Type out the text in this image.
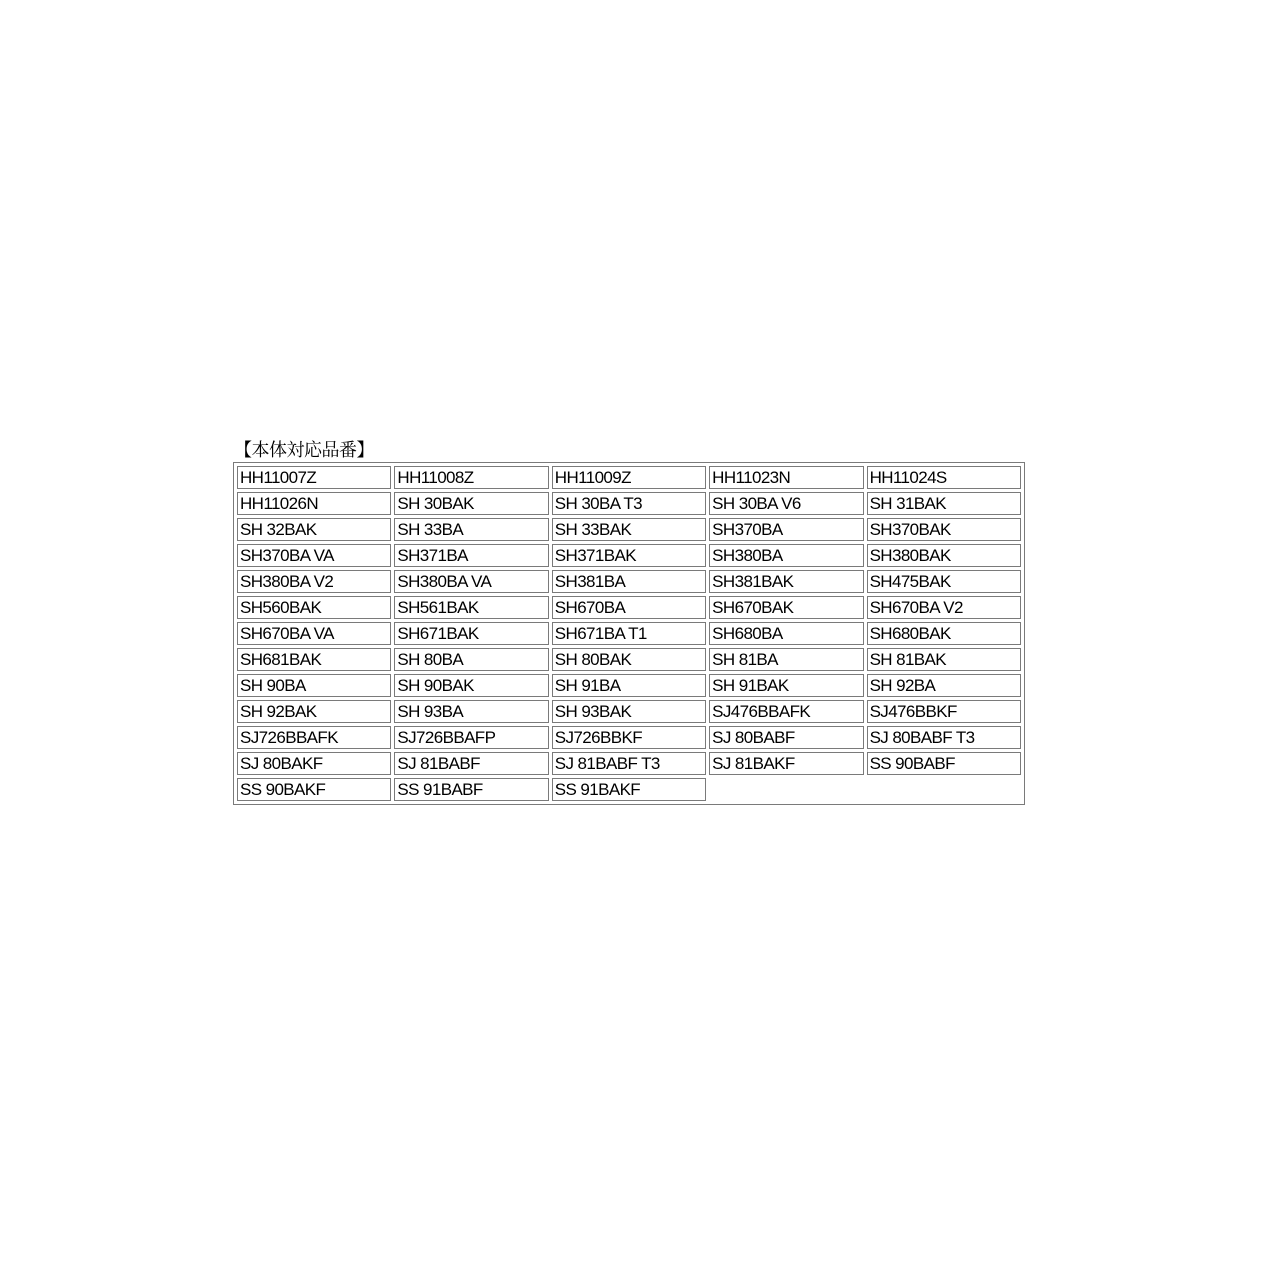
【本体対応品番】
HH11007Z	HH11008Z	HH11009Z	HH11023N	HH11024S
HH11026N	SH 30BAK	SH 30BA T3	SH 30BA V6	SH 31BAK
SH 32BAK	SH 33BA	SH 33BAK	SH370BA	SH370BAK
SH370BA VA	SH371BA	SH371BAK	SH380BA	SH380BAK
SH380BA V2	SH380BA VA	SH381BA	SH381BAK	SH475BAK
SH560BAK	SH561BAK	SH670BA	SH670BAK	SH670BA V2
SH670BA VA	SH671BAK	SH671BA T1	SH680BA	SH680BAK
SH681BAK	SH 80BA	SH 80BAK	SH 81BA	SH 81BAK
SH 90BA	SH 90BAK	SH 91BA	SH 91BAK	SH 92BA
SH 92BAK	SH 93BA	SH 93BAK	SJ476BBAFK	SJ476BBKF
SJ726BBAFK	SJ726BBAFP	SJ726BBKF	SJ 80BABF	SJ 80BABF T3
SJ 80BAKF	SJ 81BABF	SJ 81BABF T3	SJ 81BAKF	SS 90BABF
SS 90BAKF	SS 91BABF	SS 91BAKF		
